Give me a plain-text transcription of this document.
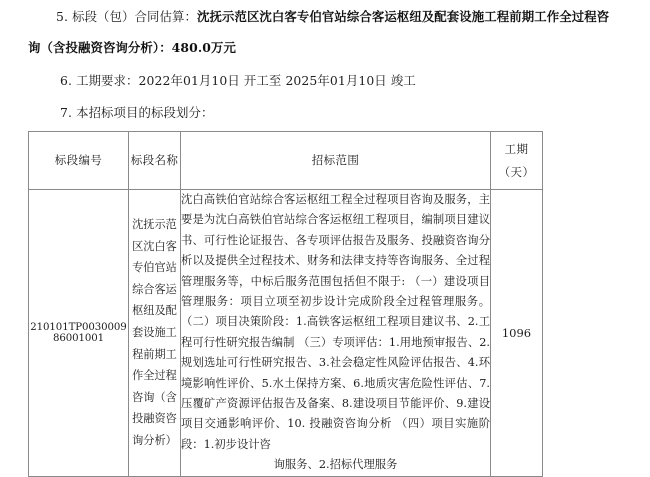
5. 标段（包）合同估算：沈抚示范区沈白客专伯官站综合客运枢纽及配套设施工程前期工作全过程咨
询（含投融资咨询分析）：480.0万元
6. 工期要求：2022年01月10日 开工至 2025年01月10日 竣工
7. 本招标项目的标段划分：
标段编号	标段名称	招标范围	工期
（天）

210101TP003000986001001	沈抚示范区沈白客专伯官站综合客运枢纽及配套设施工程前期工作全过程咨询（含投融资咨询分析）	沈白高铁伯官站综合客运枢纽工程全过程项目咨询及服务，主要是为沈白高铁伯官站综合客运枢纽工程项目，编制项目建议书、可行性论证报告、各专项评估报告及服务、投融资咨询分析以及提供全过程技术、财务和法律支持等咨询服务、全过程管理服务等，中标后服务范围包括但不限于: （一）建设项目管理服务：项目立项至初步设计完成阶段全过程管理服务。 （二）项目决策阶段：1.高铁客运枢纽工程项目建议书、2.工程可行性研究报告编制 （三）专项评估：1.用地预审报告、2.规划选址可行性研究报告、3.社会稳定性风险评估报告、4.环境影响性评价、5.水土保持方案、6.地质灾害危险性评估、7.压覆矿产资源评估报告及备案、8.建设项目节能评价、9.建设项目交通影响评价、10. 投融资咨询分析 （四）项目实施阶段：1.初步设计咨
询服务、2.招标代理服务	1096
